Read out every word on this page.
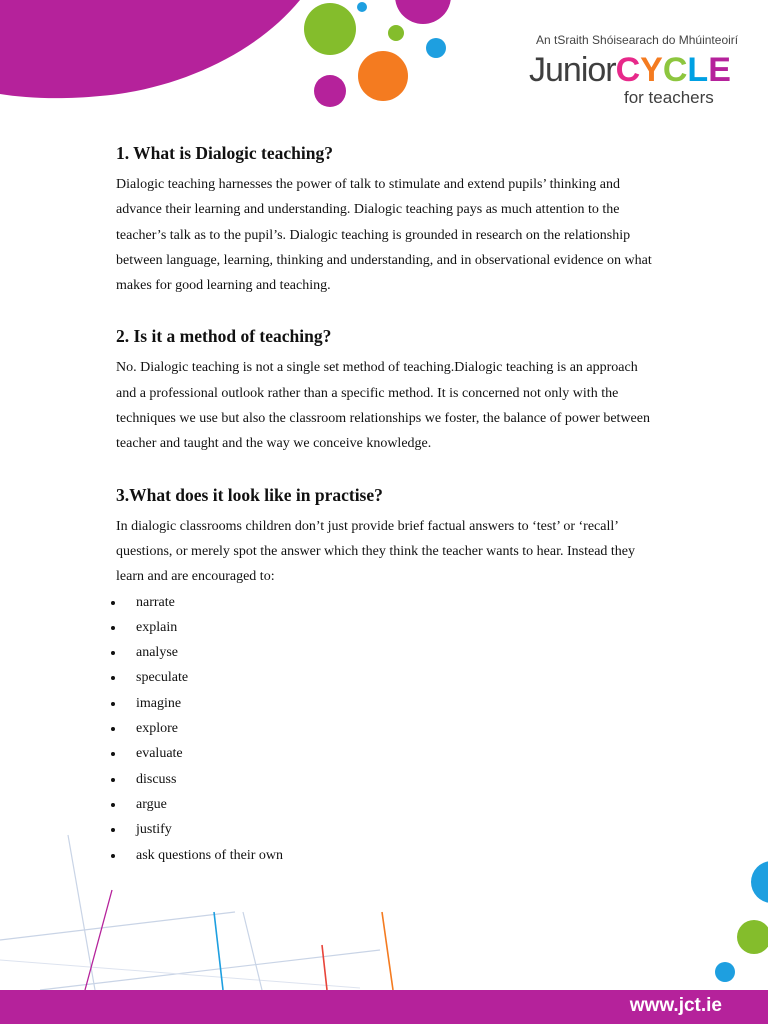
An tSraith Shóisearach do Mhúinteoirí
JuniorCYCLE
for teachers
1. What is Dialogic teaching?

Dialogic teaching harnesses the power of talk to stimulate and extend pupils’ thinking and advance their learning and understanding. Dialogic teaching pays as much attention to the teacher’s talk as to the pupil’s. Dialogic teaching is grounded in research on the relationship between language, learning, thinking and understanding, and in observational evidence on what makes for good learning and teaching.

2. Is it a method of teaching?

No. Dialogic teaching is not a single set method of teaching.Dialogic teaching is an approach and a professional outlook rather than a specific method. It is concerned not only with the techniques we use but also the classroom relationships we foster, the balance of power between teacher and taught and the way we conceive knowledge.

3.What does it look like in practise?

In dialogic classrooms children don’t just provide brief factual answers to ‘test’ or ‘recall’ questions, or merely spot the answer which they think the teacher wants to hear. Instead they learn and are encouraged to:

narrate
explain
analyse
speculate
imagine
explore
evaluate
discuss
argue
justify
ask questions of their own
www.jct.ie
